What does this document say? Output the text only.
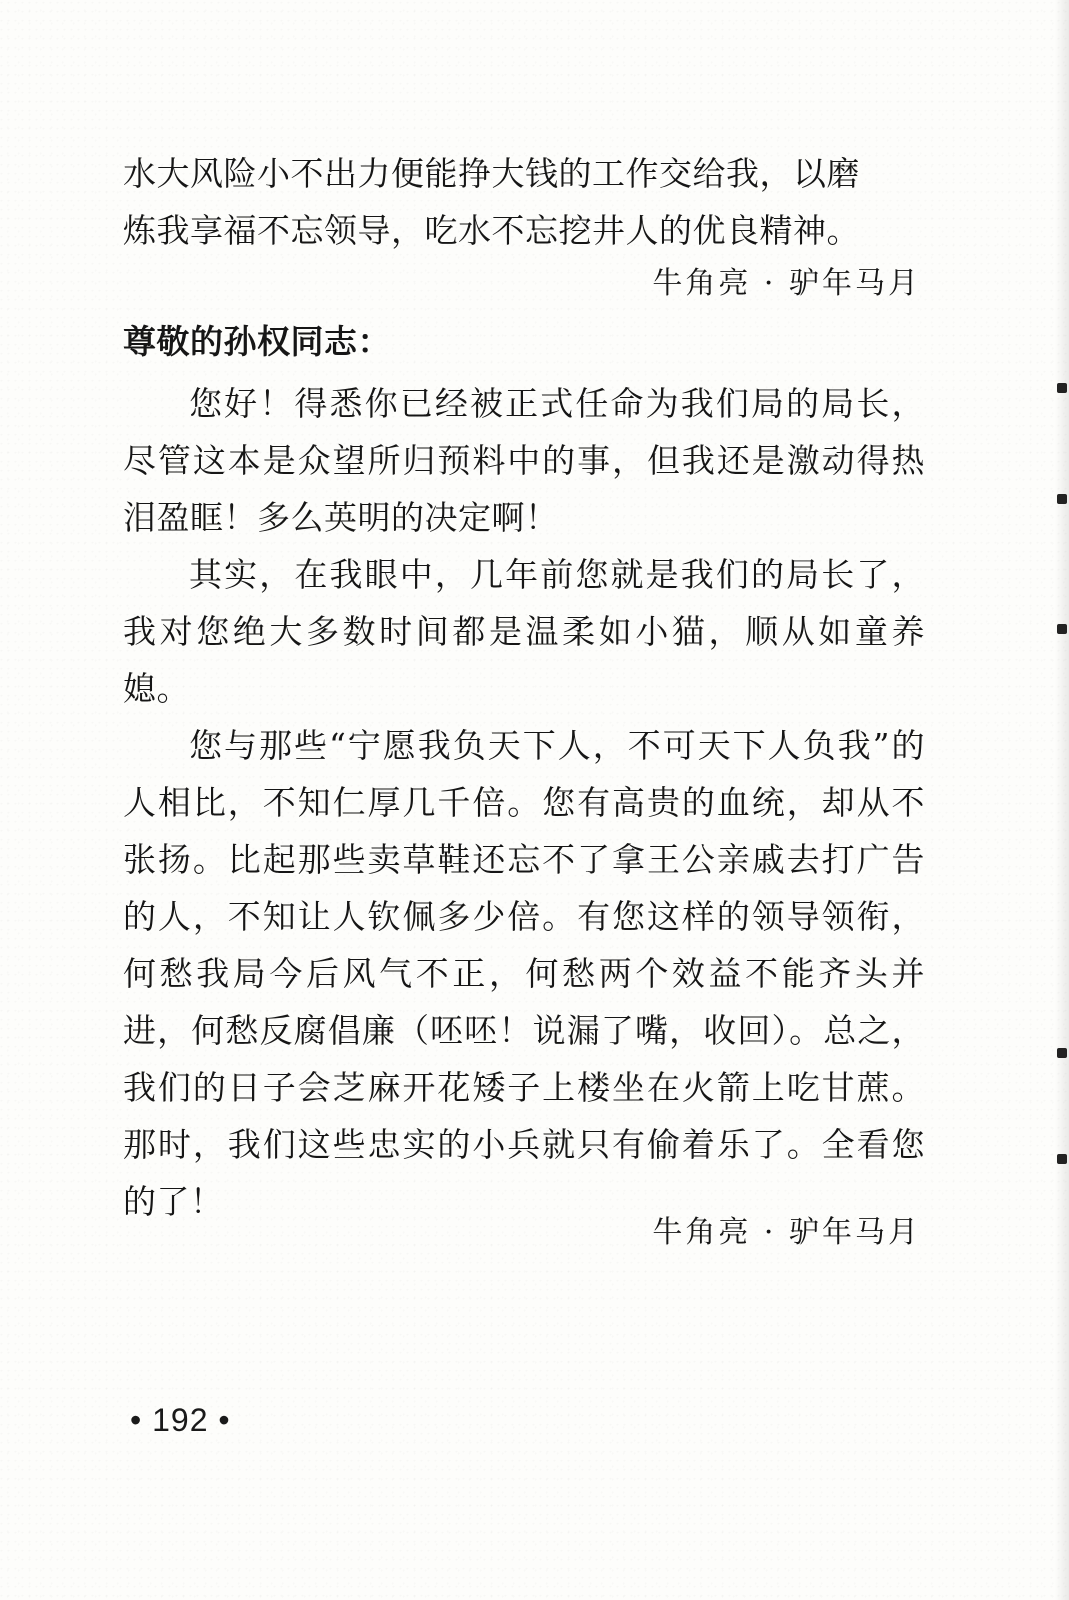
水大风险小不出力便能挣大钱的工作交给我，以磨
炼我享福不忘领导，吃水不忘挖井人的优良精神。
牛角亮 · 驴年马月
尊敬的孙权同志：

您好！得悉你已经被正式任命为我们局的局长，尽管这本是众望所归预料中的事，但我还是激动得热泪盈眶！多么英明的决定啊！

其实，在我眼中，几年前您就是我们的局长了，我对您绝大多数时间都是温柔如小猫，顺从如童养媳。

您与那些“宁愿我负天下人，不可天下人负我”的人相比，不知仁厚几千倍。您有高贵的血统，却从不张扬。比起那些卖草鞋还忘不了拿王公亲戚去打广告的人，不知让人钦佩多少倍。有您这样的领导领衔，何愁我局今后风气不正，何愁两个效益不能齐头并进，何愁反腐倡廉（呸呸！说漏了嘴，收回）。总之，我们的日子会芝麻开花矮子上楼坐在火箭上吃甘蔗。那时，我们这些忠实的小兵就只有偷着乐了。全看您的了！

牛角亮 · 驴年马月
• 192 •
